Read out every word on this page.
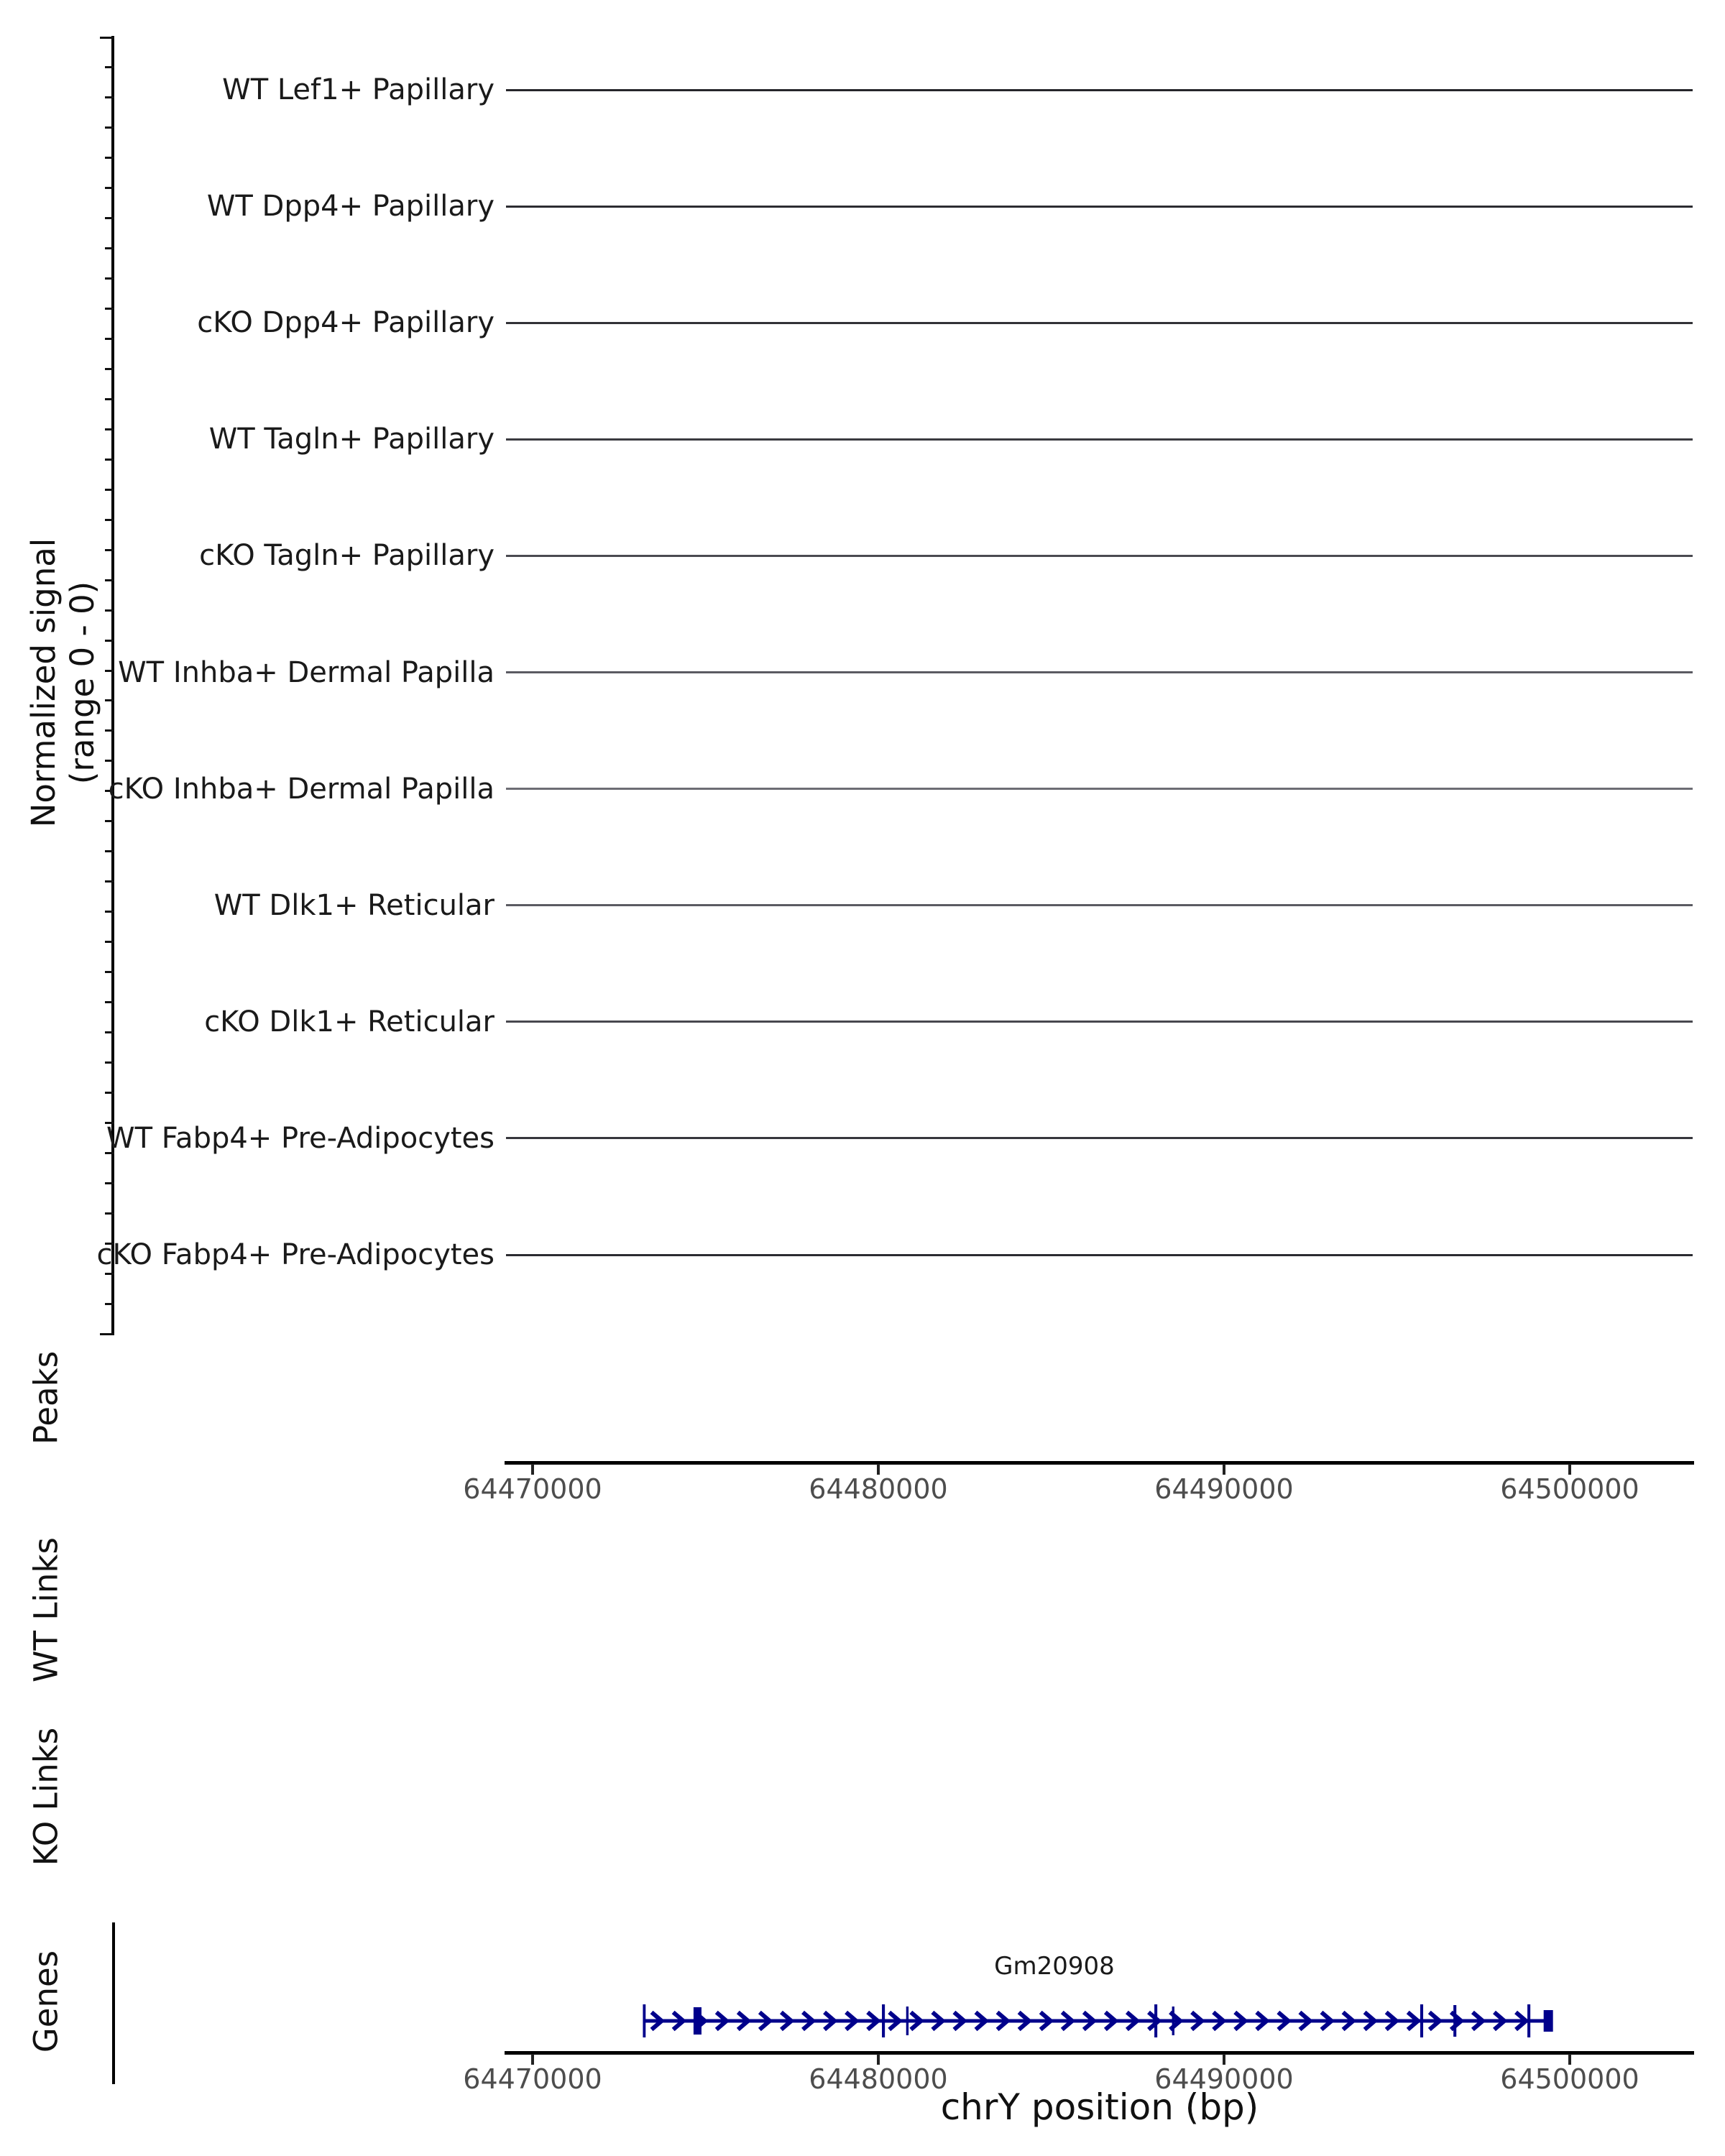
Normalized signal (range 0 - 0)
WT Lef1+ Papillary
WT Dpp4+ Papillary
cKO Dpp4+ Papillary
WT Tagln+ Papillary
cKO Tagln+ Papillary
WT Inhba+ Dermal Papilla
cKO Inhba+ Dermal Papilla
WT Dlk1+ Reticular
cKO Dlk1+ Reticular
WT Fabp4+ Pre-Adipocytes
cKO Fabp4+ Pre-Adipocytes
Peaks
WT Links
KO Links
Genes
64470000	64480000	64490000	64500000
Gm20908
64470000	64480000	64490000	64500000
chrY position (bp)
